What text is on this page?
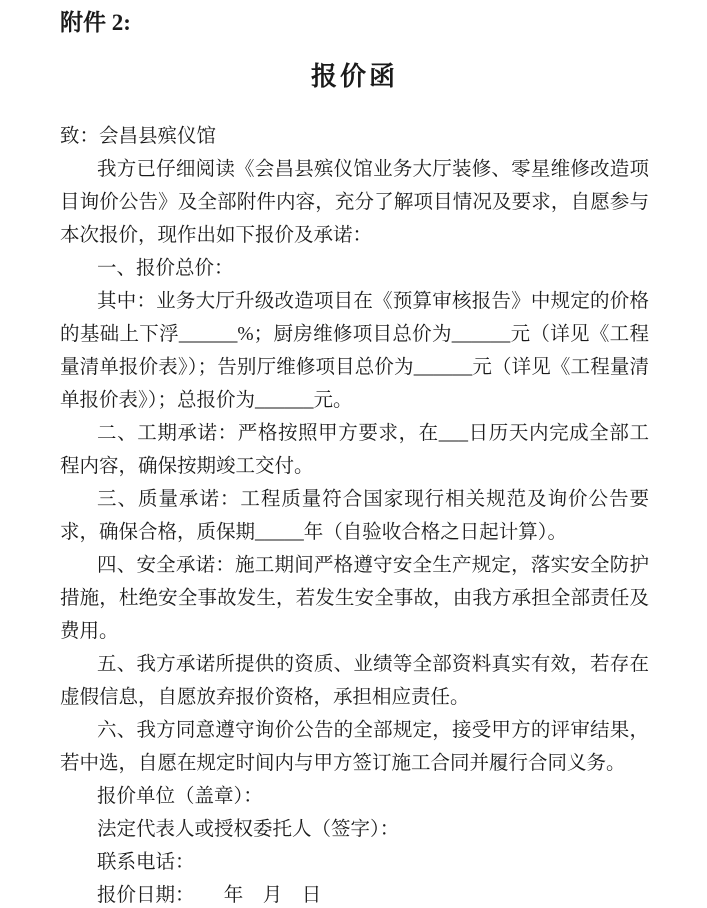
附件 2:
报价函

致：会昌县殡仪馆

我方已仔细阅读《会昌县殡仪馆业务大厅装修、零星维修改造项目询价公告》及全部附件内容，充分了解项目情况及要求，自愿参与本次报价，现作出如下报价及承诺：

一、报价总价：

其中：业务大厅升级改造项目在《预算审核报告》中规定的价格的基础上下浮______%；厨房维修项目总价为______元（详见《工程量清单报价表》）；告别厅维修项目总价为______元（详见《工程量清单报价表》）；总报价为______元。

二、工期承诺：严格按照甲方要求，在___日历天内完成全部工程内容，确保按期竣工交付。

三、质量承诺：工程质量符合国家现行相关规范及询价公告要求，确保合格，质保期_____年（自验收合格之日起计算）。

四、安全承诺：施工期间严格遵守安全生产规定，落实安全防护措施，杜绝安全事故发生，若发生安全事故，由我方承担全部责任及费用。

五、我方承诺所提供的资质、业绩等全部资料真实有效，若存在虚假信息，自愿放弃报价资格，承担相应责任。

六、我方同意遵守询价公告的全部规定，接受甲方的评审结果，若中选，自愿在规定时间内与甲方签订施工合同并履行合同义务。

报价单位（盖章）：

法定代表人或授权委托人（签字）：

联系电话：

报价日期：　　年　月　日
